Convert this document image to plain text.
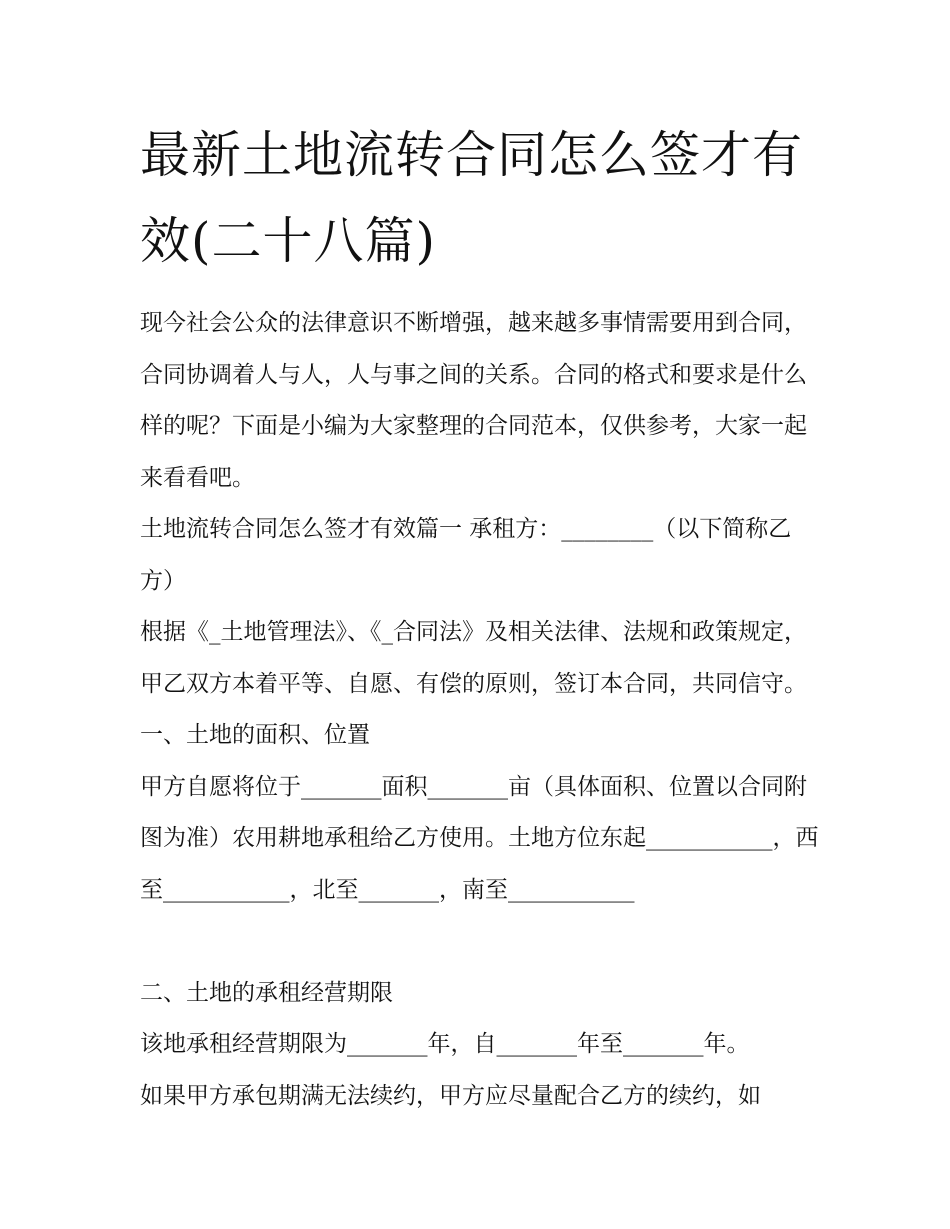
最新土地流转合同怎么签才有效(二十八篇)

现今社会公众的法律意识不断增强，越来越多事情需要用到合同，合同协调着人与人，人与事之间的关系。合同的格式和要求是什么样的呢？下面是小编为大家整理的合同范本，仅供参考，大家一起来看看吧。

土地流转合同怎么签才有效篇一 承租方：________（以下简称乙方）

根据《_土地管理法》、《_合同法》及相关法律、法规和政策规定，甲乙双方本着平等、自愿、有偿的原则，签订本合同，共同信守。 一、土地的面积、位置

甲方自愿将位于_______面积_______亩（具体面积、位置以合同附图为准）农用耕地承租给乙方使用。土地方位东起___________，西至___________，北至_______，南至___________

二、土地的承租经营期限

该地承租经营期限为_______年，自_______年至_______年。

如果甲方承包期满无法续约，甲方应尽量配合乙方的续约，如
